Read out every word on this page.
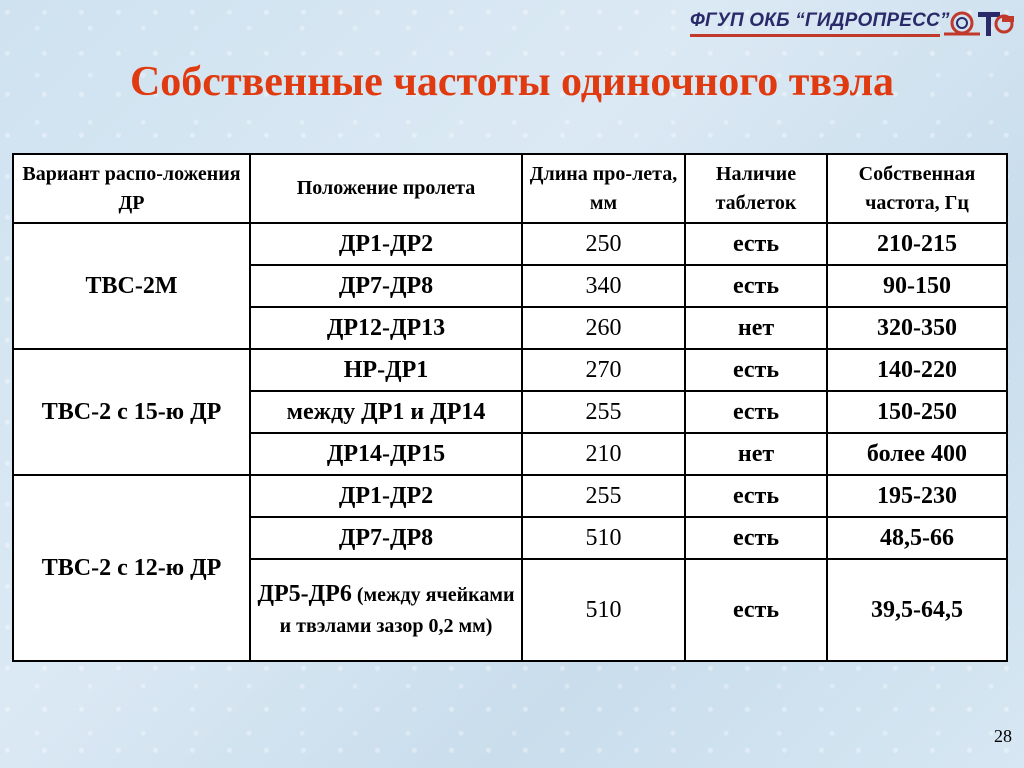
ФГУП ОКБ “ГИДРОПРЕСС”
Собственные частоты одиночного твэла
Вариант распо-ложения ДР	Положение пролета	Длина про-лета, мм	Наличие таблеток	Собственная частота, Гц
ТВС-2М	ДР1-ДР2	250	есть	210-215
	ДР7-ДР8	340	есть	90-150
	ДР12-ДР13	260	нет	320-350
ТВС-2 с 15-ю ДР	НР-ДР1	270	есть	140-220
	между ДР1 и ДР14	255	есть	150-250
	ДР14-ДР15	210	нет	более 400
ТВС-2 с 12-ю ДР	ДР1-ДР2	255	есть	195-230
	ДР7-ДР8	510	есть	48,5-66
	ДР5-ДР6 (между ячейками и твэлами зазор 0,2 мм)	510	есть	39,5-64,5
28
